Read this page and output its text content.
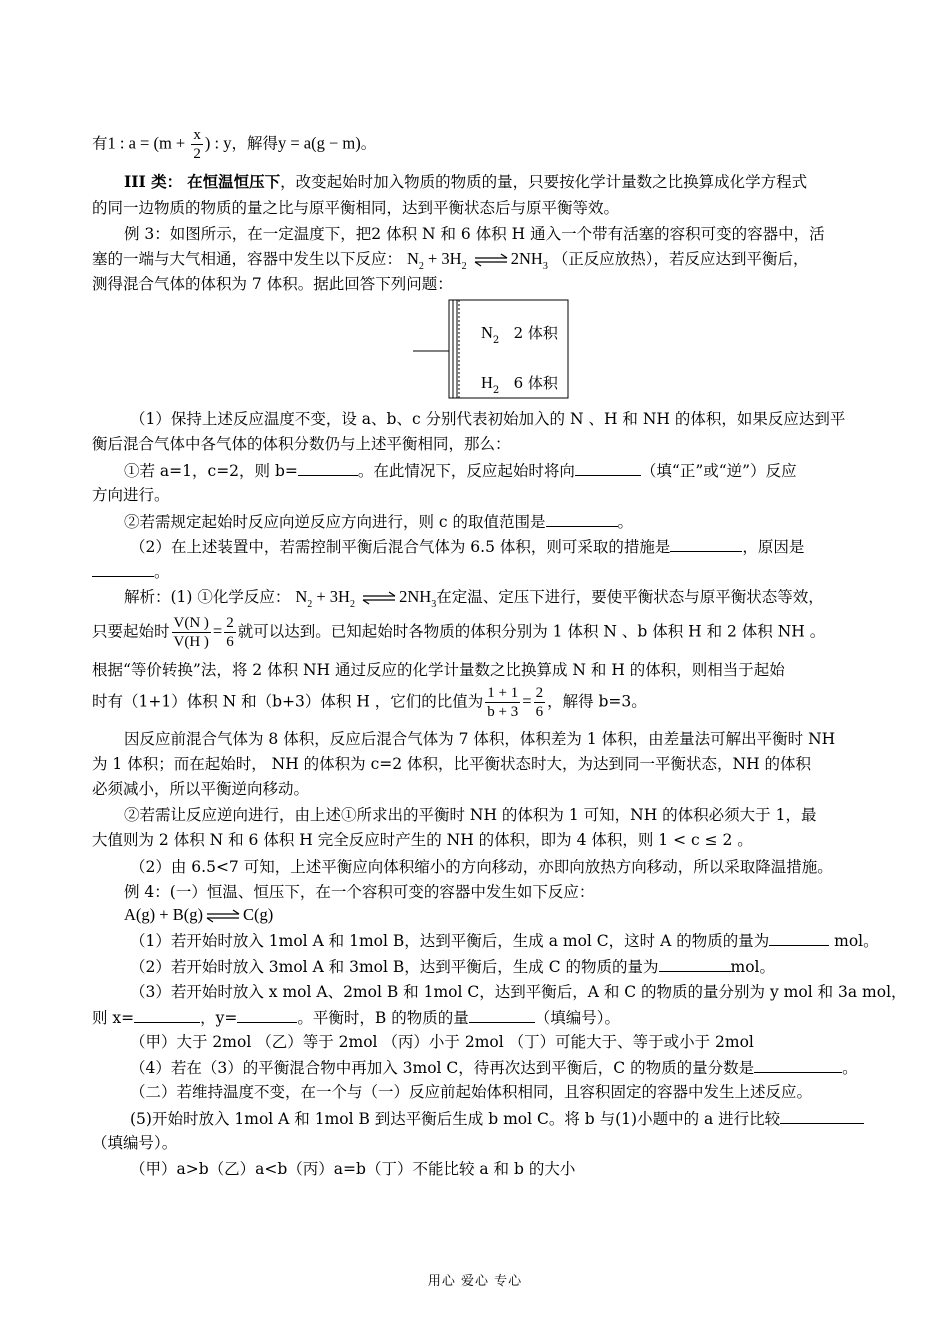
有1 : $a = (m + \frac{x}{2}$ ) : y，解得y = a(g − m)。
III 类： 在恒温恒压下，改变起始时加入物质的物质的量，只要按化学计量数之比换算成化学方程式
的同一边物质的物质的量之比与原平衡相同，达到平衡状态后与原平衡等效。
例 3：如图所示，在一定温度下，把2 体积 N 和 6 体积 H 通入一个带有活塞的容积可变的容器中，活
塞的一端与大气相通，容器中发生以下反应： $N_2 + 3H_2$ $\rightleftharpoons 2NH_3$ （正反应放热），若反应达到平衡后，
测得混合气体的体积为 7 体积。据此回答下列问题：
$N_2$ 2 体积
$H_2$ 6 体积
（1）保持上述反应温度不变，设 a、b、c 分别代表初始加入的 N 、H 和 NH 的体积，如果反应达到平
衡后混合气体中各气体的体积分数仍与上述平衡相同，那么：
①若 a=1，c=2，则 b=	。在此情况下，反应起始时将向	（填“正”或“逆”）反应
方向进行。
②若需规定起始时反应向逆反应方向进行，则 c 的取值范围是	。
（2）在上述装置中，若需控制平衡后混合气体为 6.5 体积，则可采取的措施是	，原因是
。
解析：(1) ①化学反应： $N_2 + 3H_2$ $\rightleftharpoons 2NH_3$在定温、定压下进行，要使平衡状态与原平衡状态等效，
只要起始时 $\frac{V(N )}{V(H )} = \frac{2}{6}$ 就可以达到。已知起始时各物质的体积分别为 1 体积 N 、b 体积 H 和 2 体积 NH 。
根据“等价转换”法，将 2 体积 NH 通过反应的化学计量数之比换算成 N 和 H 的体积，则相当于起始
时有（1+1）体积 N 和（b+3）体积 H ，它们的比值为 $\frac{1 + 1}{b + 3} = \frac{2}{6}$ ，解得 b=3。
因反应前混合气体为 8 体积，反应后混合气体为 7 体积，体积差为 1 体积，由差量法可解出平衡时 NH
为 1 体积；而在起始时， NH 的体积为 c=2 体积，比平衡状态时大，为达到同一平衡状态，NH 的体积
必须减小，所以平衡逆向移动。
②若需让反应逆向进行，由上述①所求出的平衡时 NH 的体积为 1 可知，NH 的体积必须大于 1，最
大值则为 2 体积 N 和 6 体积 H 完全反应时产生的 NH 的体积，即为 4 体积，则 1 < c ≤ 2 。
（2）由 6.5<7 可知，上述平衡应向体积缩小的方向移动，亦即向放热方向移动，所以采取降温措施。
例 4：(一）恒温、恒压下，在一个容积可变的容器中发生如下反应：
A(g) + B(g)⇌C(g)
（1）若开始时放入 1mol A 和 1mol B，达到平衡后，生成 a mol C，这时 A 的物质的量为	mol。
（2）若开始时放入 3mol A 和 3mol B，达到平衡后，生成 C 的物质的量为	mol。
（3）若开始时放入 x mol A、2mol B 和 1mol C，达到平衡后，A 和 C 的物质的量分别为 y mol 和 3a mol，
则 x=	，y=	。平衡时，B 的物质的量	（填编号）。
（甲）大于 2mol （乙）等于 2mol （丙）小于 2mol （丁）可能大于、等于或小于 2mol
（4）若在（3）的平衡混合物中再加入 3mol C，待再次达到平衡后，C 的物质的量分数是	。
（二）若维持温度不变，在一个与（一）反应前起始体积相同，且容积固定的容器中发生上述反应。
(5)开始时放入 1mol A 和 1mol B 到达平衡后生成 b mol C。将 b 与(1)小题中的 a 进行比较
（填编号）。
（甲）a>b（乙）a<b（丙）a=b（丁）不能比较 a 和 b 的大小
用心 爱心 专心
